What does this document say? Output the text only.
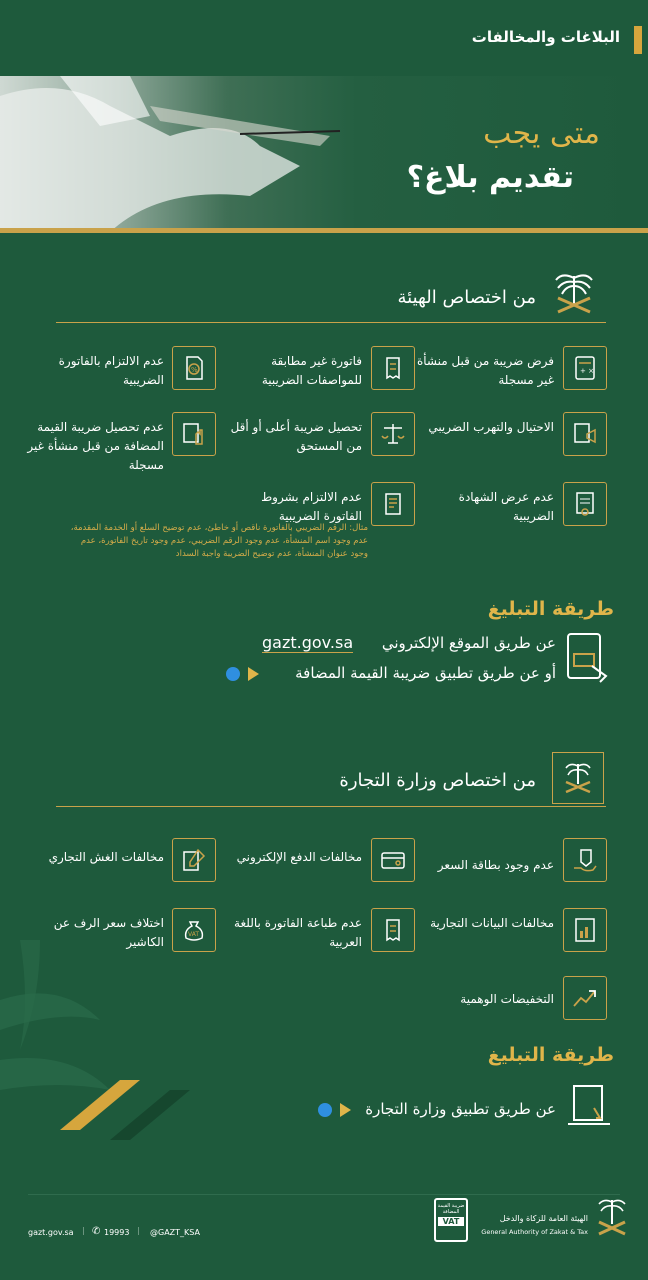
البلاغات والمخالفات
متى يجب
تقديم بلاغ؟
من اختصاص الهيئة
+ ×
فرض ضريبة من قبل منشأة غير مسجلة
الاحتيال والتهرب الضريبي
عدم عرض الشهادة الضريبية
فاتورة غير مطابقة للمواصفات الضريبية
تحصيل ضريبة أعلى أو أقل من المستحق
عدم الالتزام بشروط الفاتورة الضريبية
مثال: الرقم الضريبي بالفاتورة ناقص أو خاطئ، عدم توضيح السلع أو الخدمة المقدمة، عدم وجود اسم المنشأة، عدم وجود الرقم الضريبي، عدم وجود تاريخ الفاتورة، عدم وجود عنوان المنشأة، عدم توضيح الضريبة واجبة السداد
%
عدم الالتزام بالفاتورة الضريبية
عدم تحصيل ضريبة القيمة المضافة من قبل منشأة غير مسجلة
طريقة التبليغ
عن طريق الموقع الإلكتروني
gazt.gov.sa
أو عن طريق تطبيق ضريبة القيمة المضافة
من اختصاص وزارة التجارة
عدم وجود بطاقة السعر
مخالفات البيانات التجارية
التخفيضات الوهمية
مخالفات الدفع الإلكتروني
عدم طباعة الفاتورة باللغة العربية
مخالفات الغش التجاري
VAT
اختلاف سعر الرف عن الكاشير
طريقة التبليغ
عن طريق تطبيق وزارة التجارة
gazt.gov.sa | ✆ 19993 | @GAZT_KSA
ضريبة القيمة المضافة
VAT	الهيئة العامة للزكاة والدخل
General Authority of Zakat & Tax
